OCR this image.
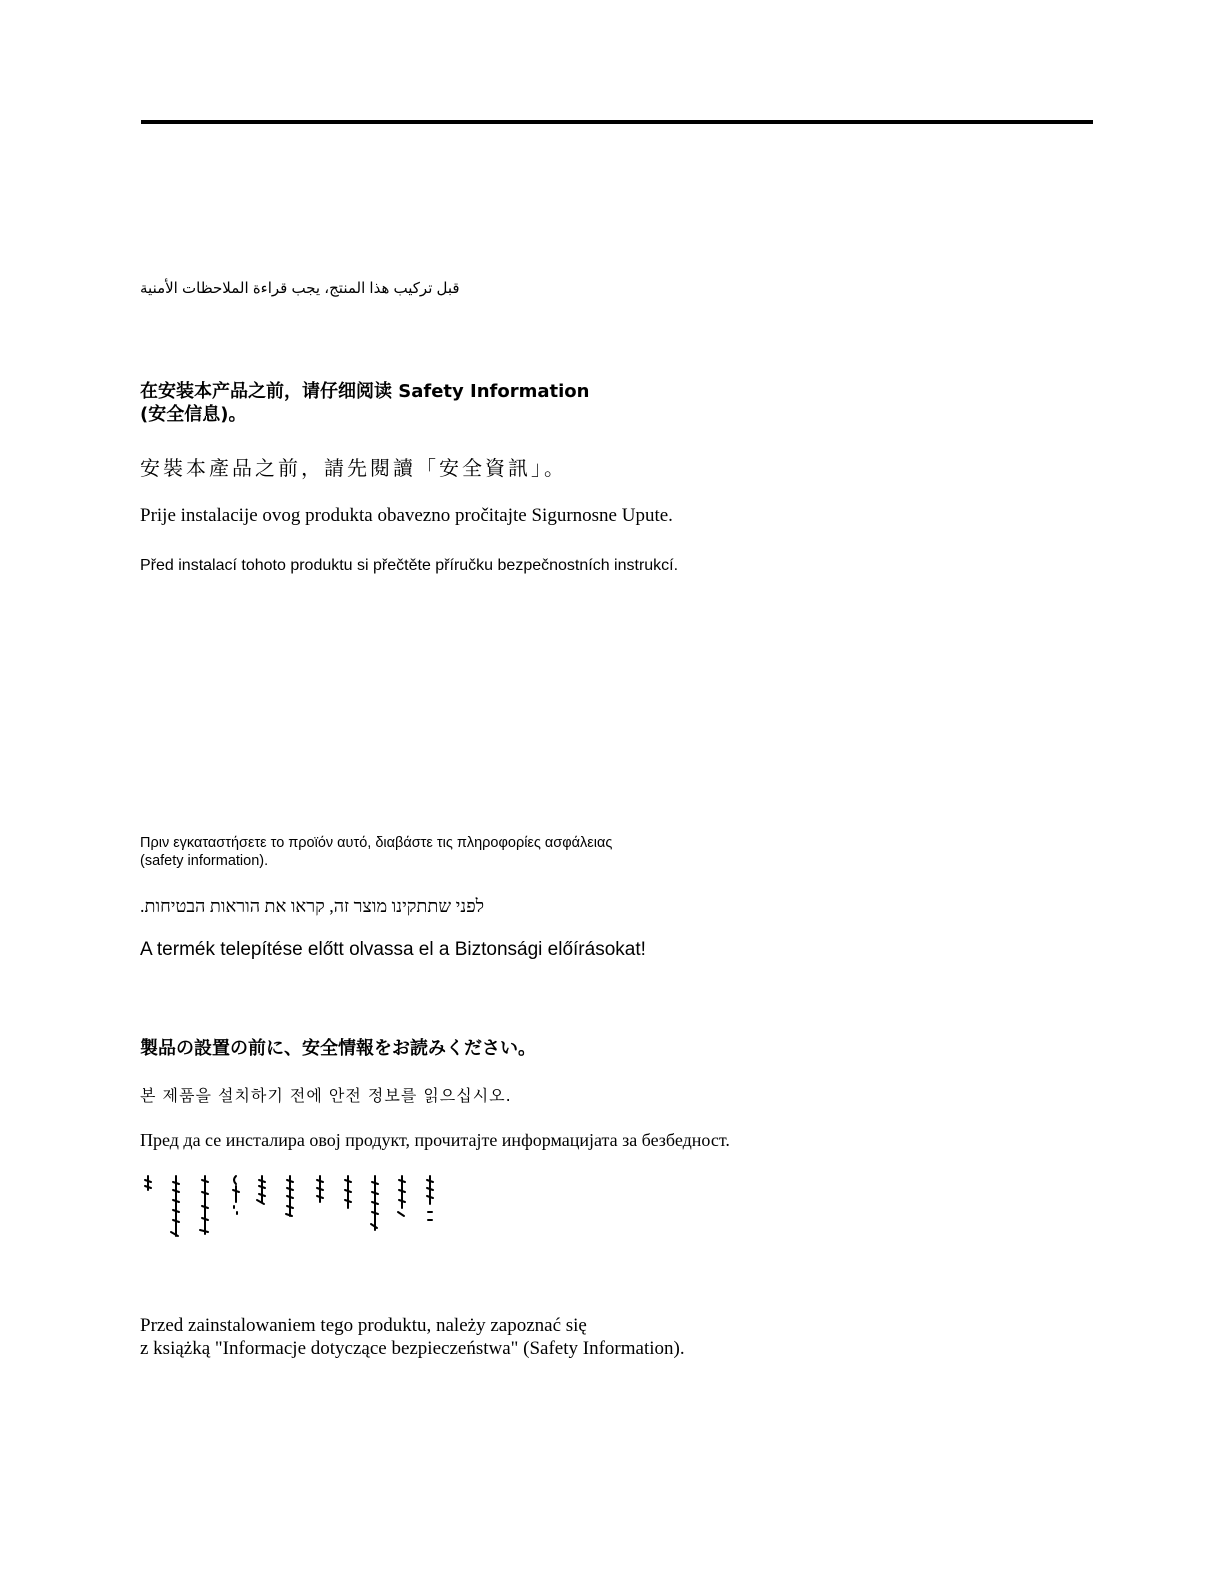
قبل تركيب هذا المنتج، يجب قراءة الملاحظات الأمنية
在安装本产品之前，请仔细阅读 Safety Information
(安全信息)。
安裝本產品之前，請先閱讀「安全資訊」。
Prije instalacije ovog produkta obavezno pročitajte Sigurnosne Upute.
Před instalací tohoto produktu si přečtěte příručku bezpečnostních instrukcí.
Πριν εγκαταστήσετε το προϊόν αυτό, διαβάστε τις πληροφορίες ασφάλειας
(safety information).
לפני שתתקינו מוצר זה, קראו את הוראות הבטיחות.
A termék telepítése előtt olvassa el a Biztonsági előírásokat!
製品の設置の前に、安全情報をお読みください。
본 제품을 설치하기 전에 안전 정보를 읽으십시오.
Пред да се инсталира овој продукт, прочитајте информацијата за безбедност.
Przed zainstalowaniem tego produktu, należy zapoznać się
z książką "Informacje dotyczące bezpieczeństwa" (Safety Information).
